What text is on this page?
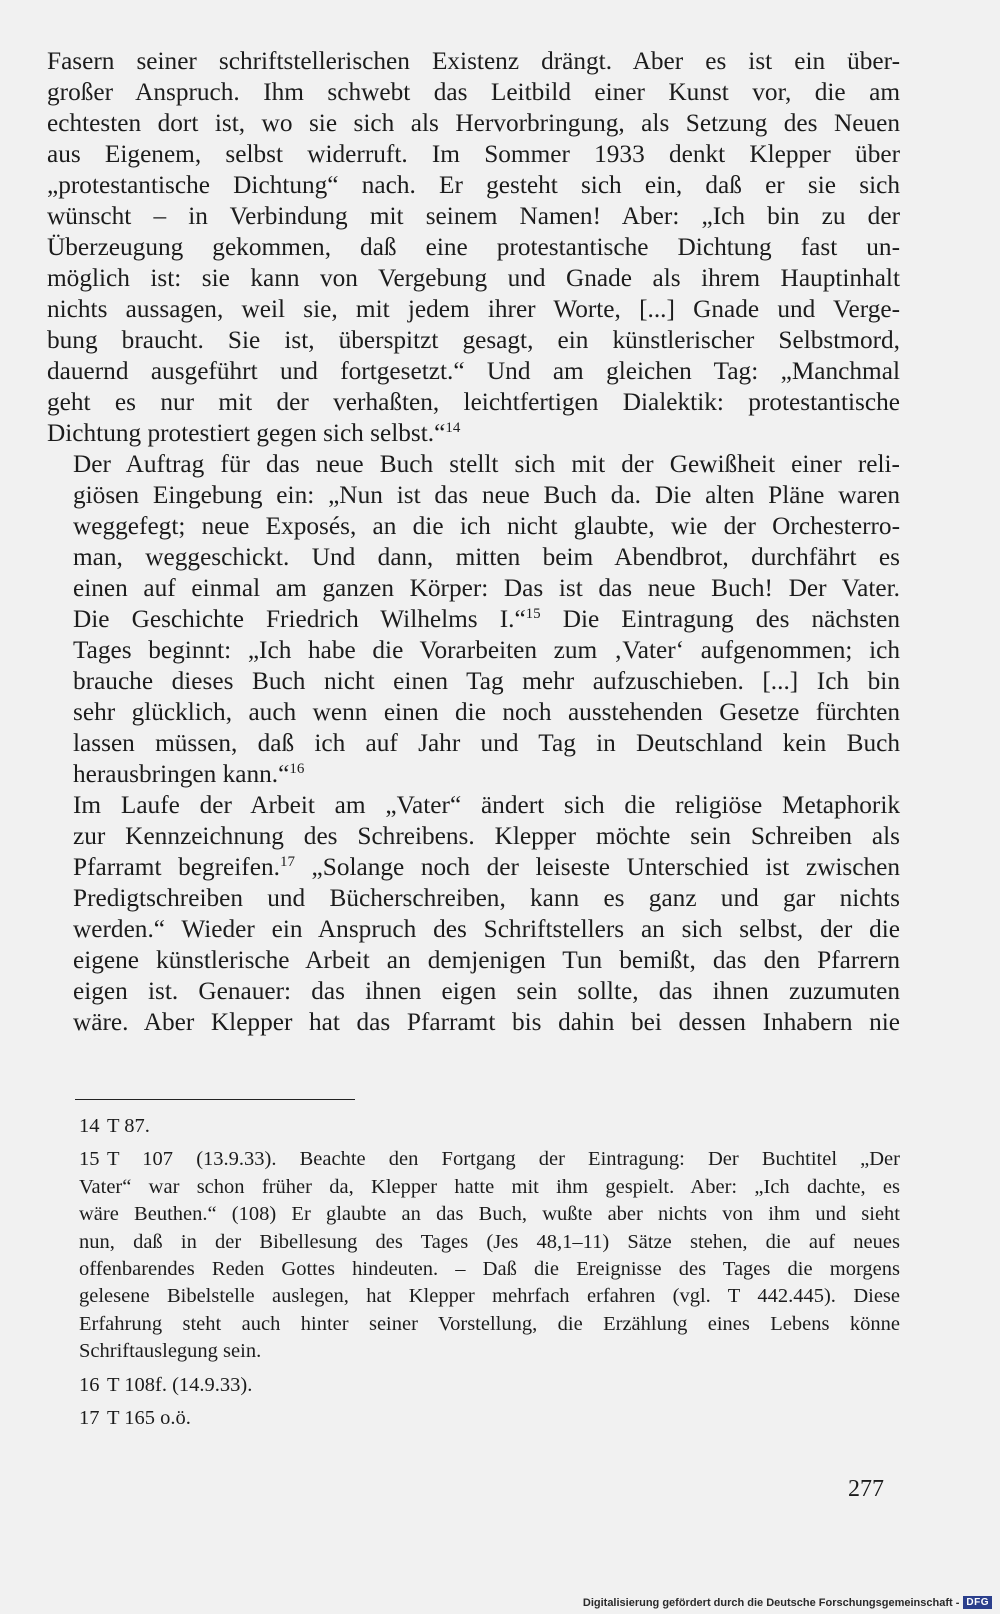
Fasern seiner schriftstellerischen Existenz drängt. Aber es ist ein über-
großer Anspruch. Ihm schwebt das Leitbild einer Kunst vor, die am
echtesten dort ist, wo sie sich als Hervorbringung, als Setzung des Neuen
aus Eigenem, selbst widerruft. Im Sommer 1933 denkt Klepper über
„protestantische Dichtung“ nach. Er gesteht sich ein, daß er sie sich
wünscht – in Verbindung mit seinem Namen! Aber: „Ich bin zu der
Überzeugung gekommen, daß eine protestantische Dichtung fast un-
möglich ist: sie kann von Vergebung und Gnade als ihrem Hauptinhalt
nichts aussagen, weil sie, mit jedem ihrer Worte, [...] Gnade und Verge-
bung braucht. Sie ist, überspitzt gesagt, ein künstlerischer Selbstmord,
dauernd ausgeführt und fortgesetzt.“ Und am gleichen Tag: „Manchmal
geht es nur mit der verhaßten, leichtfertigen Dialektik: protestantische
Dichtung protestiert gegen sich selbst.“$^{14}$

Der Auftrag für das neue Buch stellt sich mit der Gewißheit einer reli-
giösen Eingebung ein: „Nun ist das neue Buch da. Die alten Pläne waren
weggefegt; neue Exposés, an die ich nicht glaubte, wie der Orchesterro-
man, weggeschickt. Und dann, mitten beim Abendbrot, durchfährt es
einen auf einmal am ganzen Körper: Das ist das neue Buch! Der Vater.
Die Geschichte Friedrich Wilhelms I.“$^{15}$ Die Eintragung des nächsten
Tages beginnt: „Ich habe die Vorarbeiten zum ‚Vater‘ aufgenommen; ich
brauche dieses Buch nicht einen Tag mehr aufzuschieben. [...] Ich bin
sehr glücklich, auch wenn einen die noch ausstehenden Gesetze fürchten
lassen müssen, daß ich auf Jahr und Tag in Deutschland kein Buch
herausbringen kann.“$^{16}$

Im Laufe der Arbeit am „Vater“ ändert sich die religiöse Metaphorik
zur Kennzeichnung des Schreibens. Klepper möchte sein Schreiben als
Pfarramt begreifen.$^{17}$ „Solange noch der leiseste Unterschied ist zwischen
Predigtschreiben und Bücherschreiben, kann es ganz und gar nichts
werden.“ Wieder ein Anspruch des Schriftstellers an sich selbst, der die
eigene künstlerische Arbeit an demjenigen Tun bemißt, das den Pfarrern
eigen ist. Genauer: das ihnen eigen sein sollte, das ihnen zuzumuten
wäre. Aber Klepper hat das Pfarramt bis dahin bei dessen Inhabern nie

14 T 87.
15 T 107 (13.9.33). Beachte den Fortgang der Eintragung: Der Buchtitel „Der
Vater“ war schon früher da, Klepper hatte mit ihm gespielt. Aber: „Ich dachte, es
wäre Beuthen.“ (108) Er glaubte an das Buch, wußte aber nichts von ihm und sieht
nun, daß in der Bibellesung des Tages (Jes 48,1–11) Sätze stehen, die auf neues
offenbarendes Reden Gottes hindeuten. – Daß die Ereignisse des Tages die morgens
gelesene Bibelstelle auslegen, hat Klepper mehrfach erfahren (vgl. T 442.445). Diese
Erfahrung steht auch hinter seiner Vorstellung, die Erzählung eines Lebens könne
Schriftauslegung sein.
16 T 108f. (14.9.33).
17 T 165 o.ö.
277
Digitalisierung gefördert durch die Deutsche Forschungsgemeinschaft - DFG
